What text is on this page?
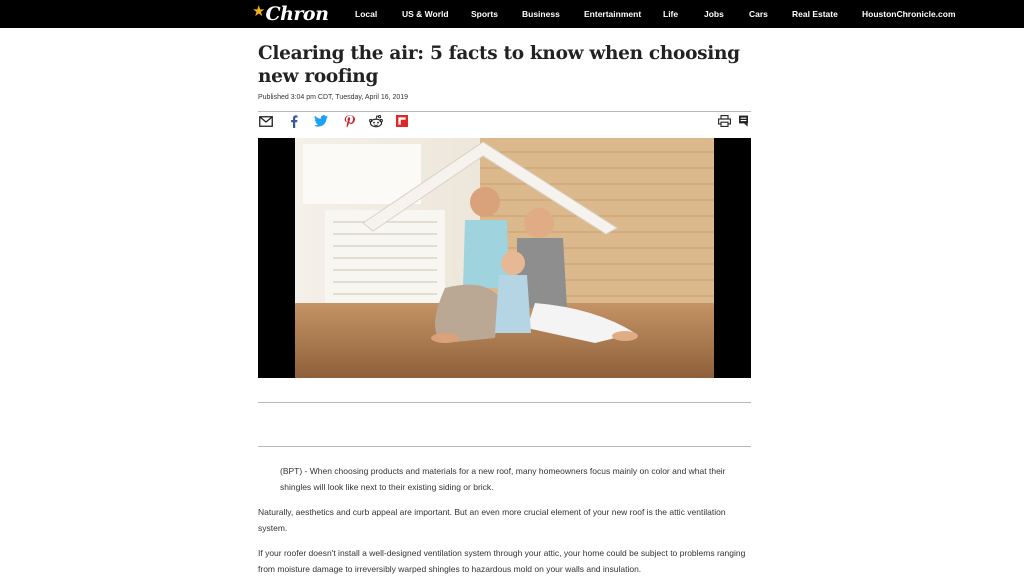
★ Chron	Local	US & World	Sports	Business	Entertainment	Life	Jobs	Cars	Real Estate	HoustonChronicle.com
Clearing the air: 5 facts to know when choosing new roofing
Published 3:04 pm CDT, Tuesday, April 16, 2019

(BPT) - When choosing products and materials for a new roof, many homeowners focus mainly on color and what their shingles will look like next to their existing siding or brick.

Naturally, aesthetics and curb appeal are important. But an even more crucial element of your new roof is the attic ventilation system.

If your roofer doesn't install a well-designed ventilation system through your attic, your home could be subject to problems ranging from moisture damage to irreversibly warped shingles to hazardous mold on your walls and insulation.
